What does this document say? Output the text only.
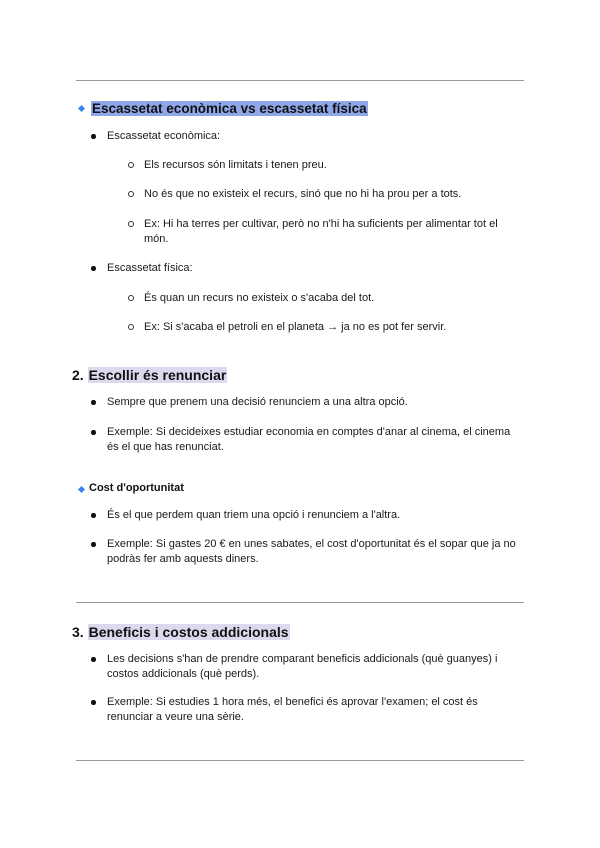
Escassetat econòmica vs escassetat física
Escassetat econòmica:
Els recursos són limitats i tenen preu.
No és que no existeix el recurs, sinó que no hi ha prou per a tots.
Ex: Hi ha terres per cultivar, però no n'hi ha suficients per alimentar tot el
món.
Escassetat física:
És quan un recurs no existeix o s'acaba del tot.
Ex: Si s'acaba el petroli en el planeta → ja no es pot fer servir.
2. Escollir és renunciar
Sempre que prenem una decisió renunciem a una altra opció.
Exemple: Si decideixes estudiar economia en comptes d'anar al cinema, el cinema
és el que has renunciat.
Cost d'oportunitat
És el que perdem quan triem una opció i renunciem a l'altra.
Exemple: Si gastes 20 € en unes sabates, el cost d'oportunitat és el sopar que ja no
podràs fer amb aquests diners.
3. Beneficis i costos addicionals
Les decisions s'han de prendre comparant beneficis addicionals (què guanyes) i
costos addicionals (què perds).
Exemple: Si estudies 1 hora més, el benefici és aprovar l'examen; el cost és
renunciar a veure una sèrie.
